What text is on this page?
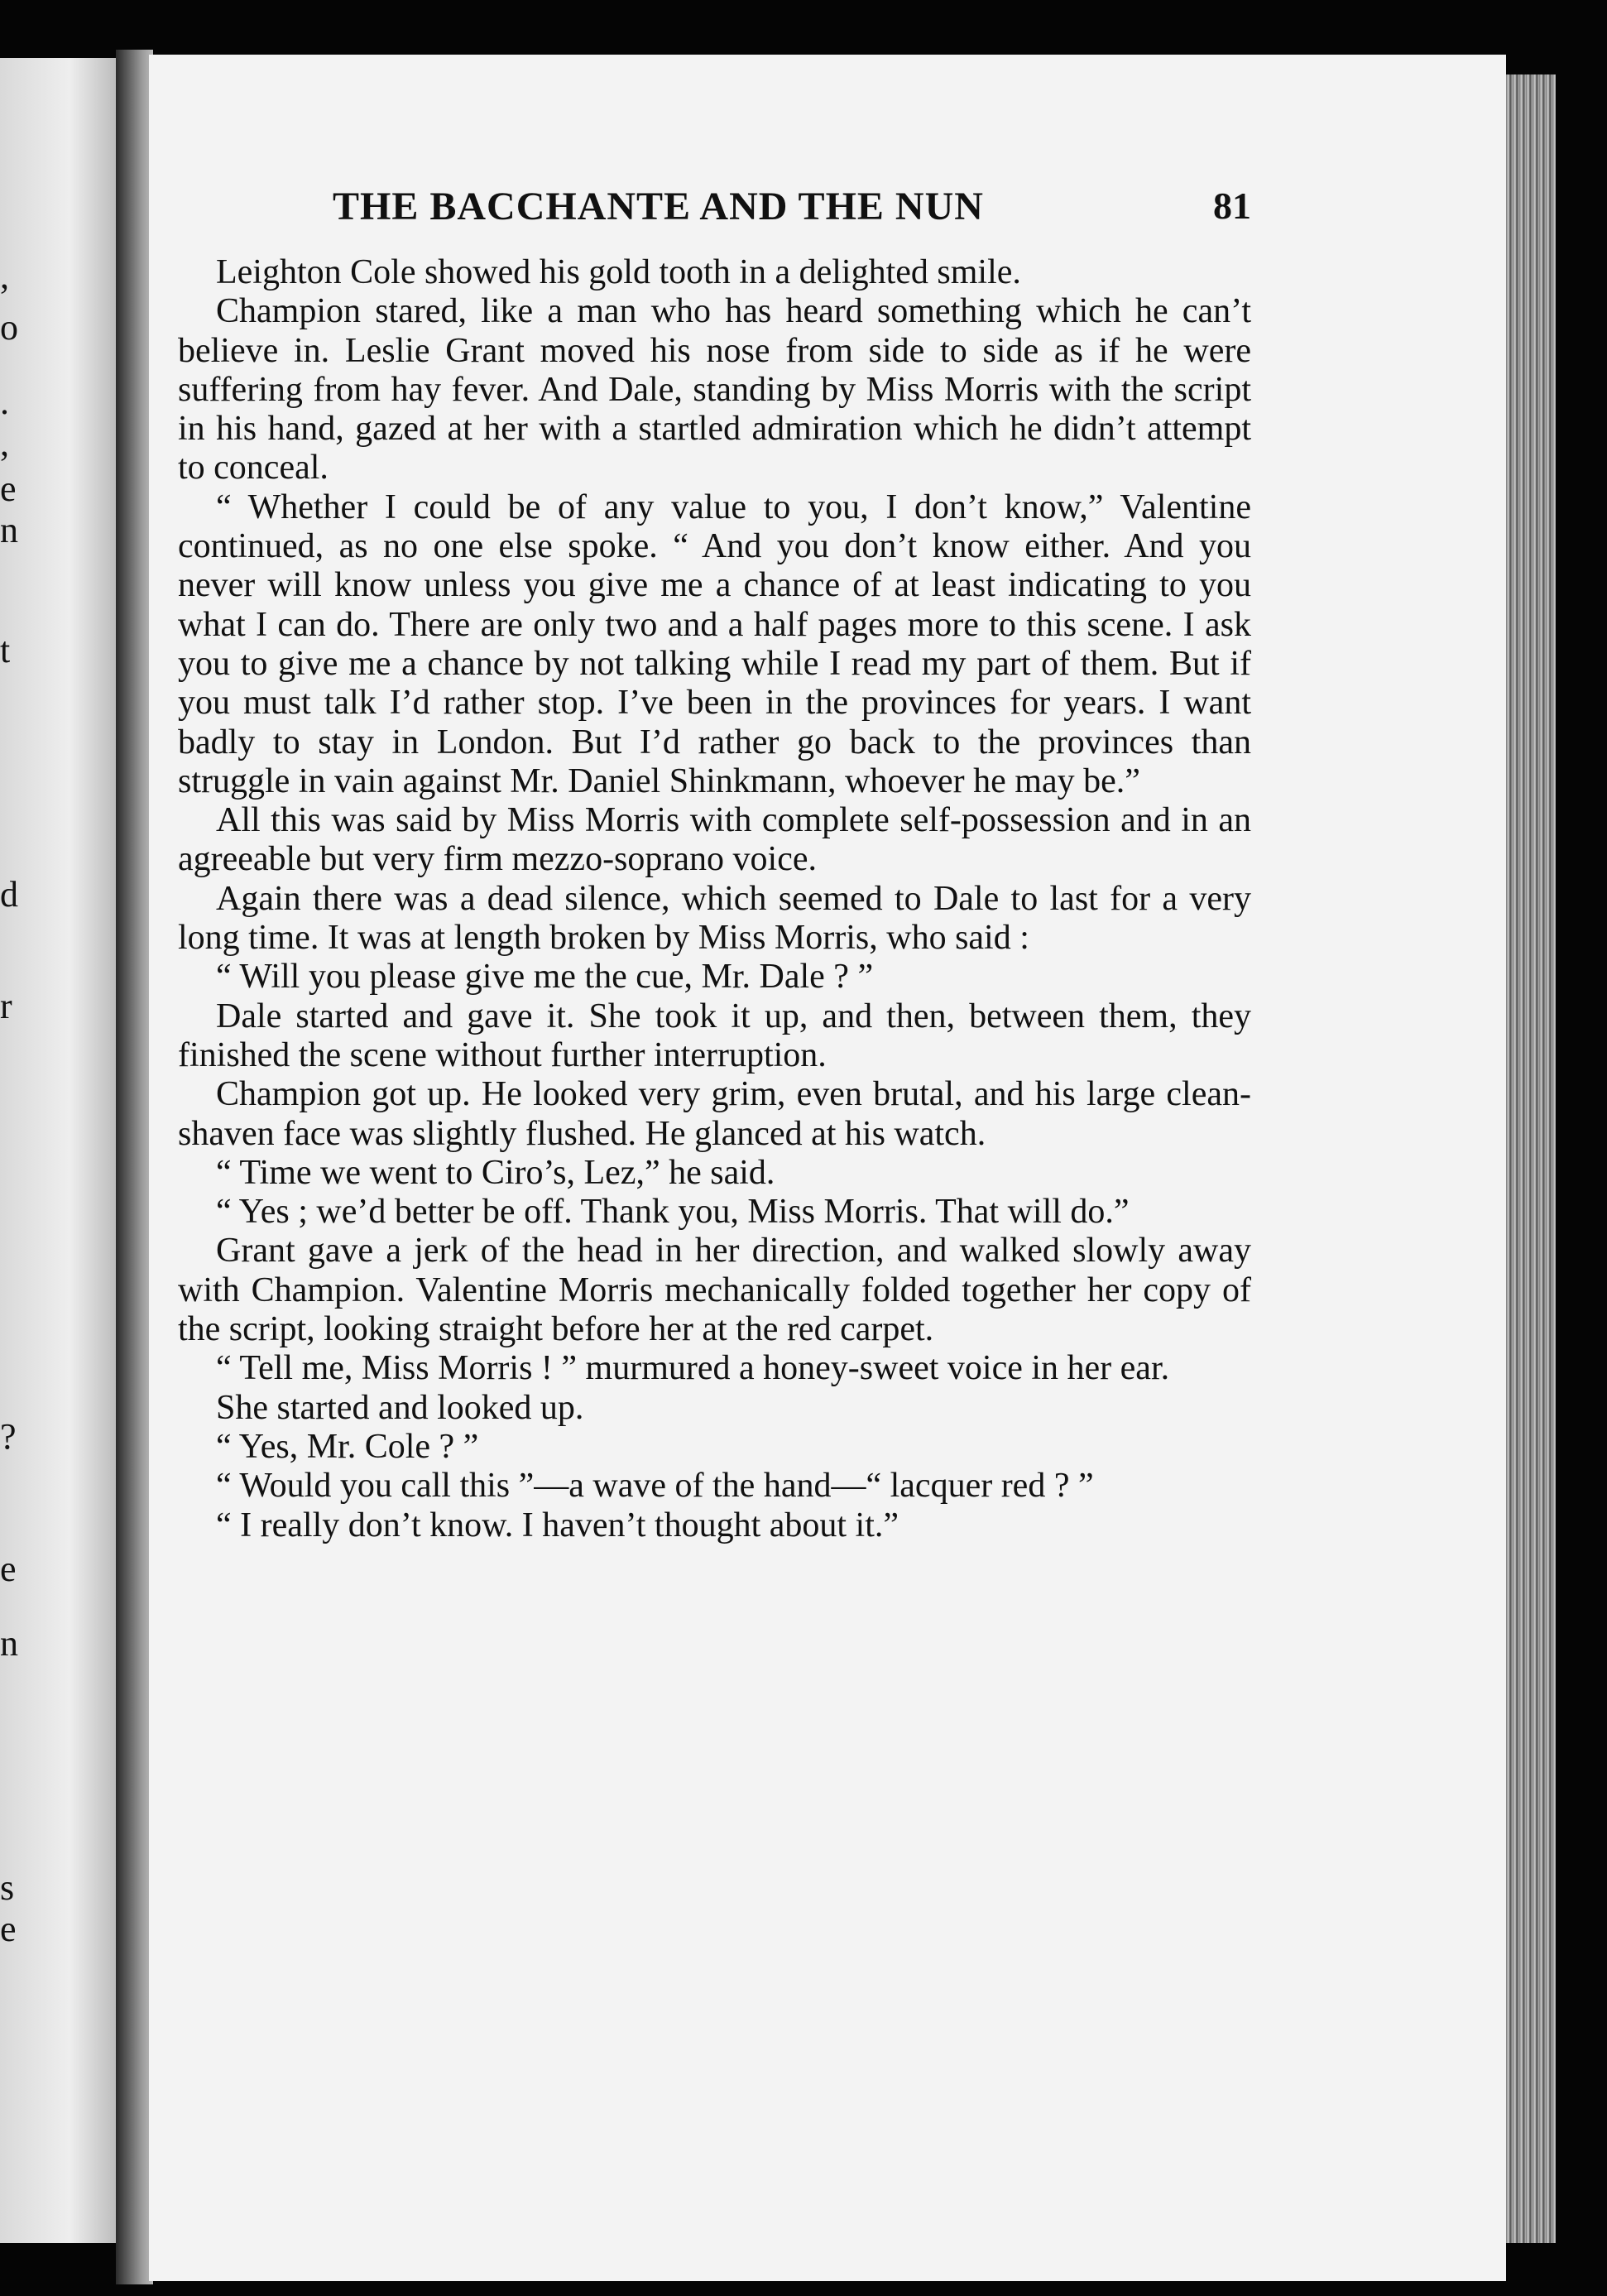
,
o
.
,
e
n
t
d
r
?
e
n
s
e
THE BACCHANTE AND THE NUN	81

Leighton Cole showed his gold tooth in a delighted smile.

Champion stared, like a man who has heard something which he can’t believe in. Leslie Grant moved his nose from side to side as if he were suffering from hay fever. And Dale, standing by Miss Morris with the script in his hand, gazed at her with a startled admiration which he didn’t attempt to conceal.

“ Whether I could be of any value to you, I don’t know,” Valentine continued, as no one else spoke. “ And you don’t know either. And you never will know unless you give me a chance of at least indicating to you what I can do. There are only two and a half pages more to this scene. I ask you to give me a chance by not talking while I read my part of them. But if you must talk I’d rather stop. I’ve been in the provinces for years. I want badly to stay in London. But I’d rather go back to the provinces than struggle in vain against Mr. Daniel Shinkmann, whoever he may be.”

All this was said by Miss Morris with complete self-possession and in an agreeable but very firm mezzo-soprano voice.

Again there was a dead silence, which seemed to Dale to last for a very long time. It was at length broken by Miss Morris, who said :

“ Will you please give me the cue, Mr. Dale ? ”

Dale started and gave it. She took it up, and then, between them, they finished the scene without further interruption.

Champion got up. He looked very grim, even brutal, and his large clean-shaven face was slightly flushed. He glanced at his watch.

“ Time we went to Ciro’s, Lez,” he said.

“ Yes ; we’d better be off. Thank you, Miss Morris. That will do.”

Grant gave a jerk of the head in her direction, and walked slowly away with Champion. Valentine Morris mechanically folded together her copy of the script, looking straight before her at the red carpet.

“ Tell me, Miss Morris ! ” murmured a honey-sweet voice in her ear.

She started and looked up.

“ Yes, Mr. Cole ? ”

“ Would you call this ”—a wave of the hand—“ lacquer red ? ”

“ I really don’t know. I haven’t thought about it.”
